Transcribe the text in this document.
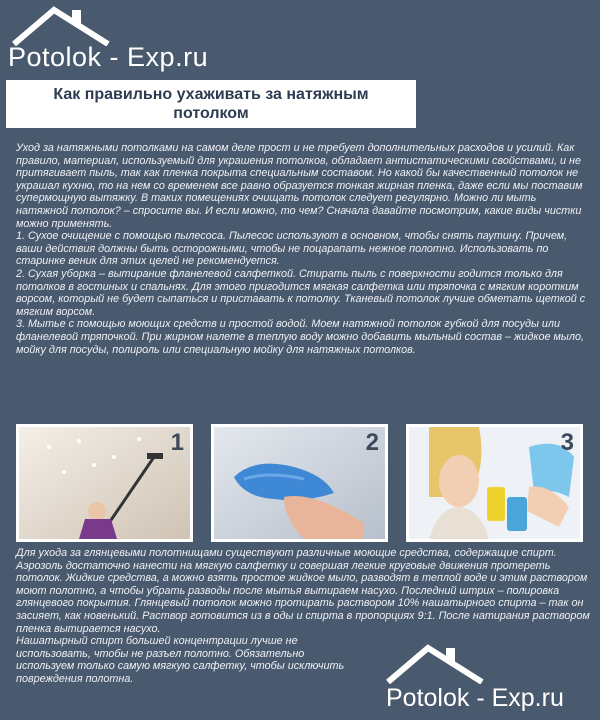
Potolok - Exp.ru
Как правильно ухаживать за натяжным потолком

Уход за натяжными потолками на самом деле прост и не требует дополнительных расходов и усилий. Как правило, материал, используемый для украшения потолков, обладает антистатическими свойствами, и не притягивает пыль, так как пленка покрыта специальным составом. Но какой бы качественный потолок не украшал кухню, то на нем со временем все равно образуется тонкая жирная пленка, даже если мы поставим супермощную вытяжку. В таких помещениях очищать потолок следует регулярно. Можно ли мыть натяжной потолок? – спросите вы. И если можно, то чем? Сначала давайте посмотрим, какие виды чистки можно применять.

1. Сухое очищение с помощью пылесоса. Пылесос используют в основном, чтобы снять паутину. Причем, ваши действия должны быть осторожными, чтобы не поцарапать нежное полотно. Использовать по старинке веник для этих целей не рекомендуется.

2. Сухая уборка – вытирание фланелевой салфеткой. Стирать пыль с поверхности годится только для потолков в гостиных и спальнях. Для этого пригодится мягкая салфетка или тряпочка с мягким коротким ворсом, который не будет сыпаться и приставать к потолку. Тканевый потолок лучше обметать щеткой с мягким ворсом.

3. Мытье с помощью моющих средств и простой водой. Моем натяжной потолок губкой для посуды или фланелевой тряпочкой. При жирном налете в теплую воду можно добавить мыльный состав – жидкое мыло, мойку для посуды, полироль или специальную мойку для натяжных потолков.

1	2	3

Для ухода за глянцевыми полотнищами существуют различные моющие средства, содержащие спирт. Аэрозоль достаточно нанести на мягкую салфетку и совершая легкие круговые движения протереть потолок. Жидкие средства, а можно взять простое жидкое мыло, разводят в теплой воде и этим раствором моют полотно, а чтобы убрать разводы после мытья вытираем насухо. Последний штрих – полировка глянцевого покрытия. Глянцевый потолок можно протирать раствором 10% нашатырного спирта – так он засияет, как новенький. Раствор готовится из в оды и спирта в пропорциях 9:1. После натирания раствором пленка вытирается насухо.

Нашатырный спирт большей концентрации лучше не использовать, чтобы не разъел полотно. Обязательно используем только самую мягкую салфетку, чтобы исключить повреждения полотна.

Potolok - Exp.ru
